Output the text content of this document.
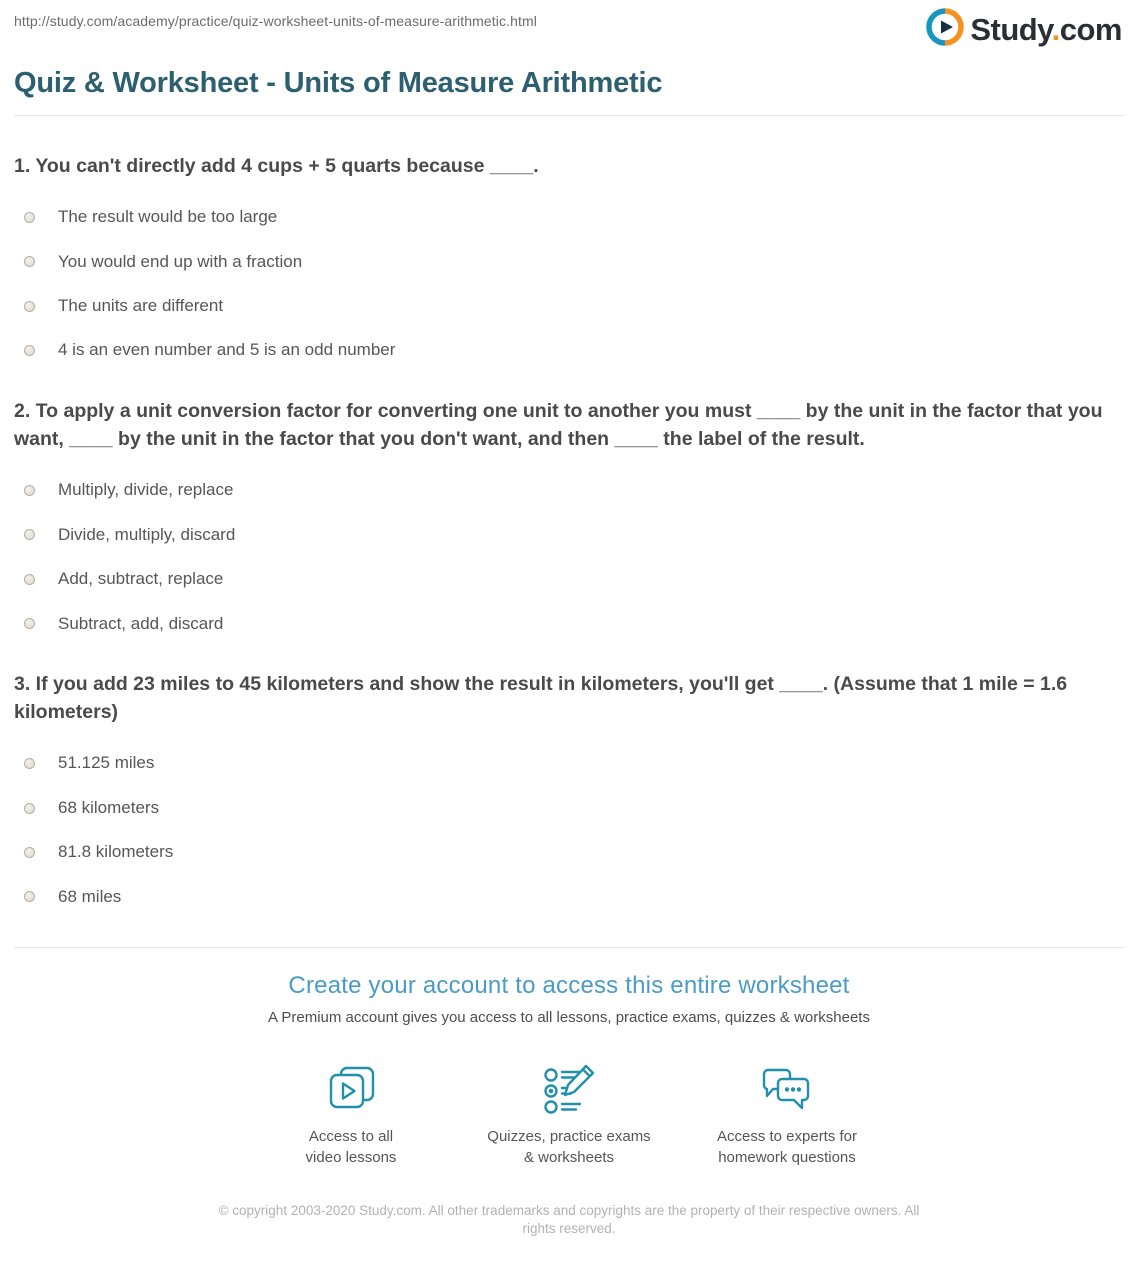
http://study.com/academy/practice/quiz-worksheet-units-of-measure-arithmetic.html	Study.com
Quiz & Worksheet - Units of Measure Arithmetic
1. You can't directly add 4 cups + 5 quarts because ____.
The result would be too large
You would end up with a fraction
The units are different
4 is an even number and 5 is an odd number
2. To apply a unit conversion factor for converting one unit to another you must ____ by the unit in the factor that you want, ____ by the unit in the factor that you don't want, and then ____ the label of the result.
Multiply, divide, replace
Divide, multiply, discard
Add, subtract, replace
Subtract, add, discard
3. If you add 23 miles to 45 kilometers and show the result in kilometers, you'll get ____. (Assume that 1 mile = 1.6 kilometers)
51.125 miles
68 kilometers
81.8 kilometers
68 miles
Create your account to access this entire worksheet
A Premium account gives you access to all lessons, practice exams, quizzes & worksheets
Access to all
video lessons
Quizzes, practice exams
& worksheets
Access to experts for
homework questions
© copyright 2003-2020 Study.com. All other trademarks and copyrights are the property of their respective owners. All rights reserved.
